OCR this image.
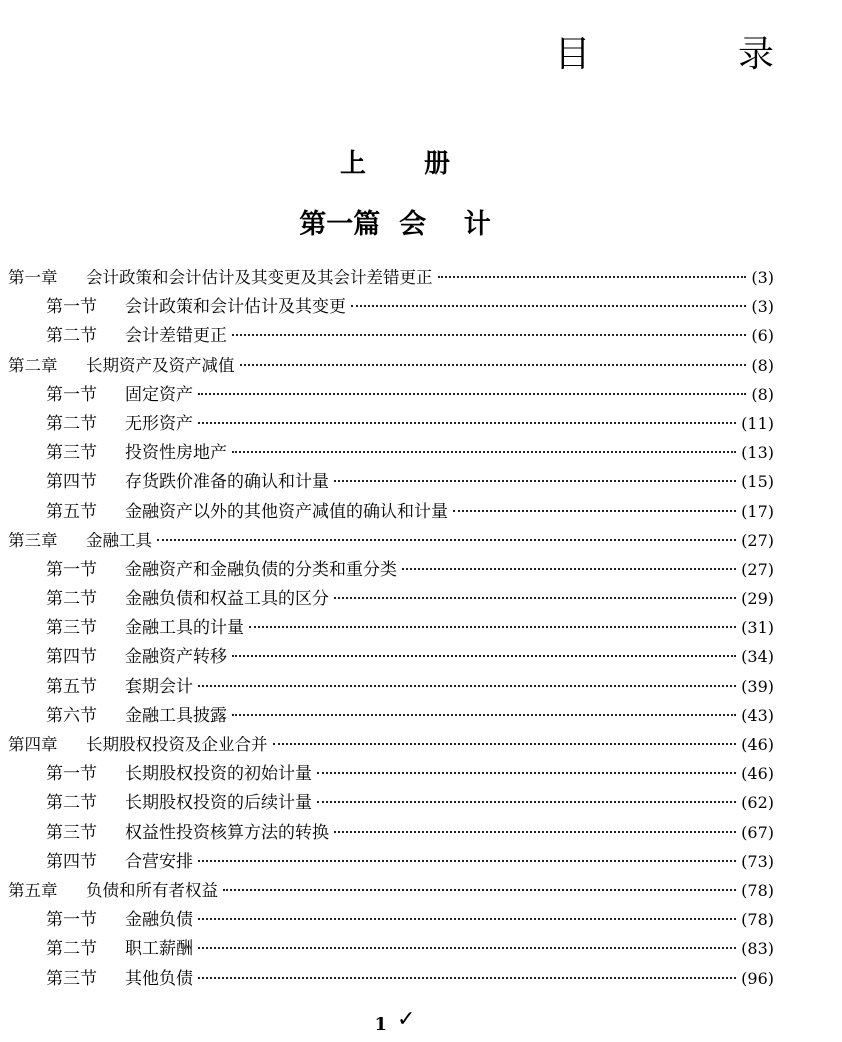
目 录
上册
第一篇  会    计
第一章	会计政策和会计估计及其变更及其会计差错更正	(3)
第一节	会计政策和会计估计及其变更	(3)
第二节	会计差错更正	(6)
第二章	长期资产及资产减值	(8)
第一节	固定资产	(8)
第二节	无形资产	(11)
第三节	投资性房地产	(13)
第四节	存货跌价准备的确认和计量	(15)
第五节	金融资产以外的其他资产减值的确认和计量	(17)
第三章	金融工具	(27)
第一节	金融资产和金融负债的分类和重分类	(27)
第二节	金融负债和权益工具的区分	(29)
第三节	金融工具的计量	(31)
第四节	金融资产转移	(34)
第五节	套期会计	(39)
第六节	金融工具披露	(43)
第四章	长期股权投资及企业合并	(46)
第一节	长期股权投资的初始计量	(46)
第二节	长期股权投资的后续计量	(62)
第三节	权益性投资核算方法的转换	(67)
第四节	合营安排	(73)
第五章	负债和所有者权益	(78)
第一节	金融负债	(78)
第二节	职工薪酬	(83)
第三节	其他负债	(96)
1 ✓
